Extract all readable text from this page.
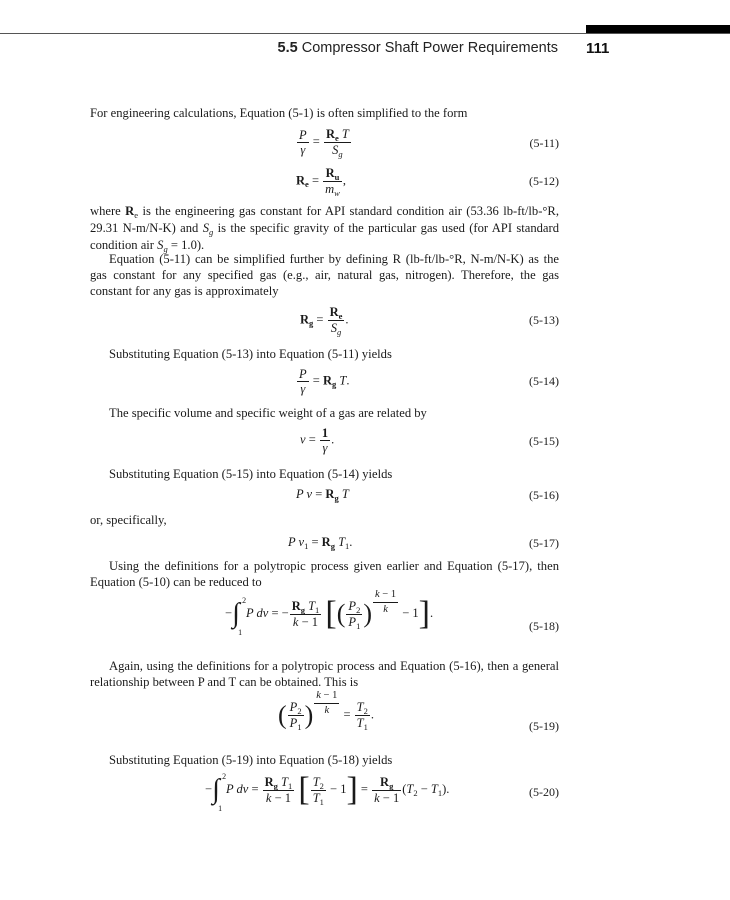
5.5 Compressor Shaft Power Requirements 111
For engineering calculations, Equation (5-1) is often simplified to the form
$\frac{P}{\gamma} = \frac{R_e T}{S_g}$	(5-11)
$R_e = \frac{R_u}{m_w}$ ,	(5-12)
where $R_e$ is the engineering gas constant for API standard condition air (53.36 lb-ft/lb-°R, 29.31 N-m/N-K) and $S_g$ is the specific gravity of the particular gas used (for API standard condition air $S_g = 1.0$).
Equation (5-11) can be simplified further by defining R (lb-ft/lb-°R, N-m/N-K) as the gas constant for any specified gas (e.g., air, natural gas, nitrogen). Therefore, the gas constant for any gas is approximately
$R_g = \frac{R_e}{S_g}$ .	(5-13)
Substituting Equation (5-13) into Equation (5-11) yields
$\frac{P}{\gamma} = R_g$ T.	(5-14)
The specific volume and specific weight of a gas are related by
$v = \frac{1}{\gamma}$ .	(5-15)
Substituting Equation (5-15) into Equation (5-14) yields
P $v = R_g$ T	(5-16)
or, specifically,
P $v_1 = R_g$ $T_1$.	(5-17)
Using the definitions for a polytropic process given earlier and Equation (5-17), then Equation (5-10) can be reduced to
−∫ 2
1
P dv = − $\frac{R_g T_1}{k - 1}$ [( $\frac{P_2}{P_1}$ ) $\frac{k - 1}{k} - 1$].
(5-18)
Again, using the definitions for a polytropic process and Equation (5-16), then a general relationship between P and T can be obtained. This is
( $\frac{P_2}{P_1}$ ) $\frac{k - 1}{k} = \frac{T_2}{T_1}$ .
(5-19)
Substituting Equation (5-19) into Equation (5-18) yields
−∫ 2
1
P dv = $\frac{R_g T_1}{k - 1}$ [ $\frac{T_2}{T_1} - 1] = \frac{R_g}{k - 1} (T_2 - T_1)$.	(5-20)
